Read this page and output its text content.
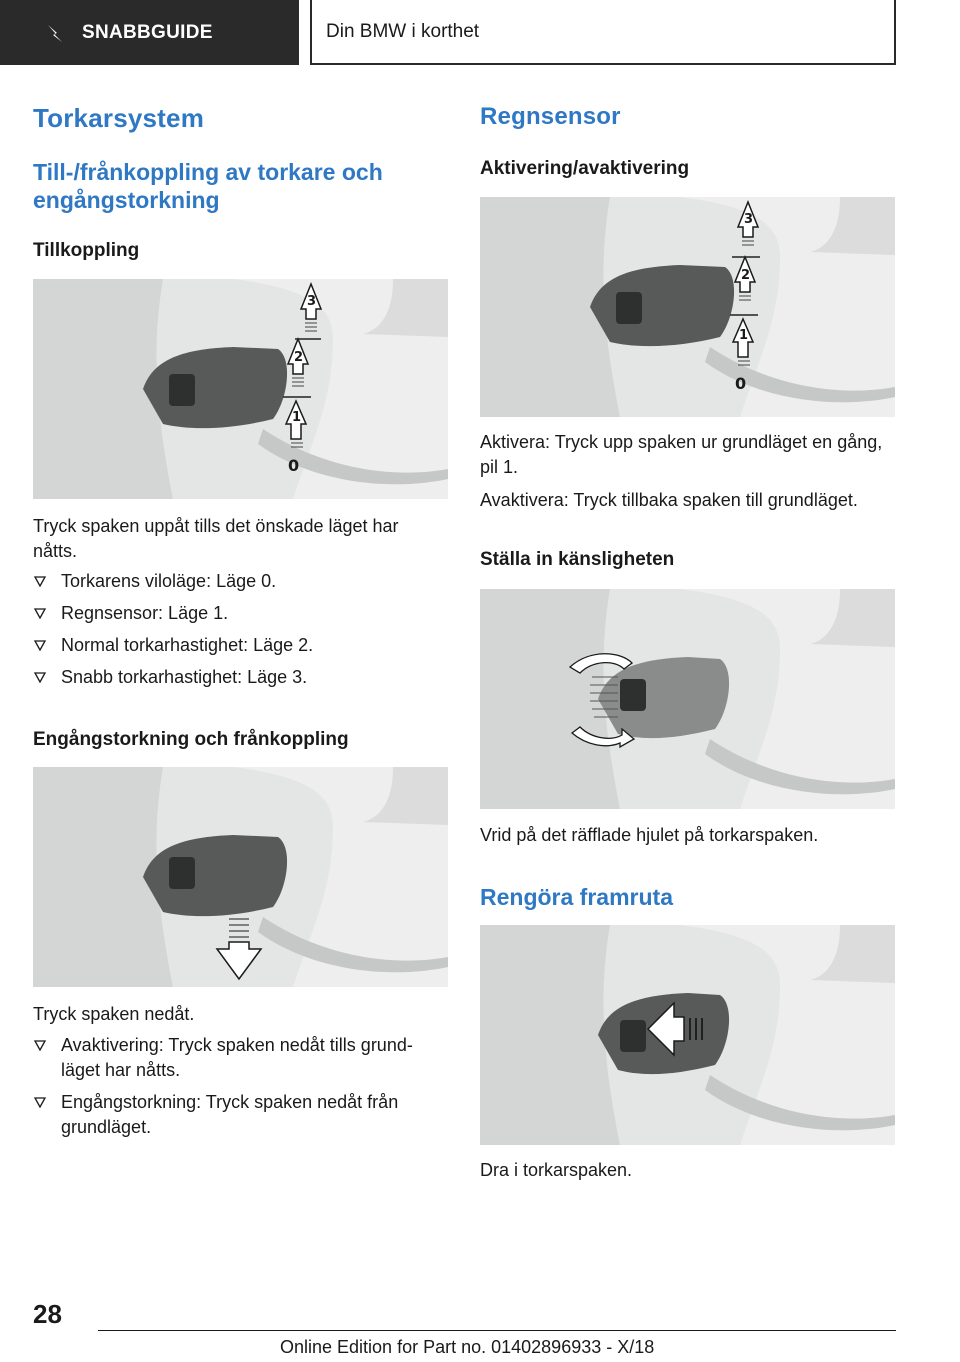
SNABBGUIDE	Din BMW i korthet
Torkarsystem
Till-/frånkoppling av torkare och engångstorkning
Tillkoppling
3
2
1
0
Tryck spaken uppåt tills det önskade läget har nåtts.
Torkarens viloläge: Läge 0.
Regnsensor: Läge 1.
Normal torkarhastighet: Läge 2.
Snabb torkarhastighet: Läge 3.
Engångstorkning och frånkoppling
Tryck spaken nedåt.
Avaktivering: Tryck spaken nedåt tills grund-läget har nåtts.
Engångstorkning: Tryck spaken nedåt från grundläget.
Regnsensor
Aktivering/avaktivering
3
2
1
0
Aktivera: Tryck upp spaken ur grundläget en gång, pil 1.
Avaktivera: Tryck tillbaka spaken till grundläget.
Ställa in känsligheten
Vrid på det räfflade hjulet på torkarspaken.
Rengöra framruta
Dra i torkarspaken.
28
Online Edition for Part no. 01402896933 - X/18
